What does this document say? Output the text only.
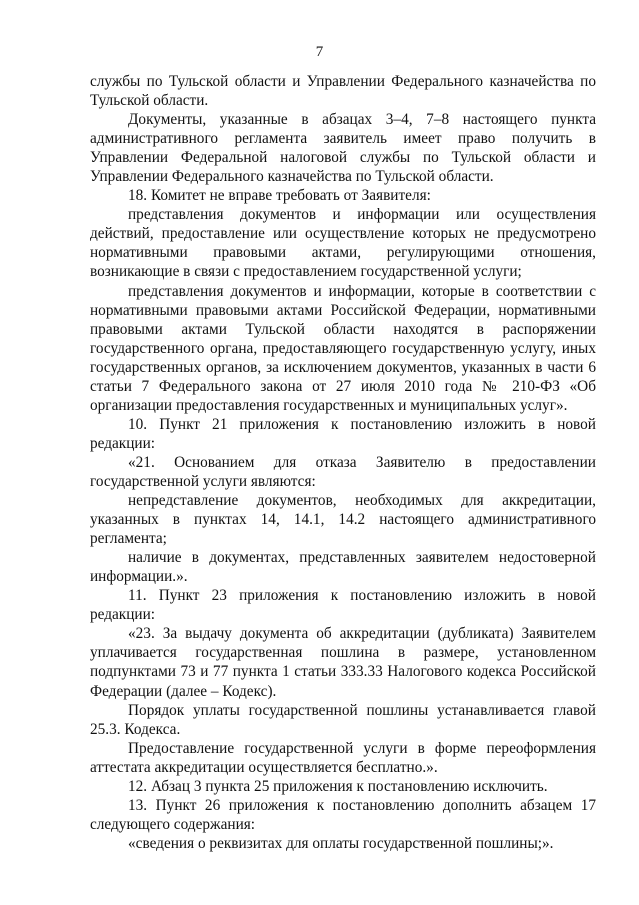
7

службы по Тульской области и Управлении Федерального казначейства по Тульской области.

Документы, указанные в абзацах 3–4, 7–8 настоящего пункта административного регламента заявитель имеет право получить в Управлении Федеральной налоговой службы по Тульской области и Управлении Федерального казначейства по Тульской области.

18. Комитет не вправе требовать от Заявителя:

представления документов и информации или осуществления действий, предоставление или осуществление которых не предусмотрено нормативными правовыми актами, регулирующими отношения, возникающие в связи с предоставлением государственной услуги;

представления документов и информации, которые в соответствии с нормативными правовыми актами Российской Федерации, нормативными правовыми актами Тульской области находятся в распоряжении государственного органа, предоставляющего государственную услугу, иных государственных органов, за исключением документов, указанных в части 6 статьи 7 Федерального закона от 27 июля 2010 года № 210-ФЗ «Об организации предоставления государственных и муниципальных услуг».

10. Пункт 21 приложения к постановлению изложить в новой редакции:

«21. Основанием для отказа Заявителю в предоставлении государственной услуги являются:

непредставление документов, необходимых для аккредитации, указанных в пунктах 14, 14.1, 14.2 настоящего административного регламента;

наличие в документах, представленных заявителем недостоверной информации.».

11. Пункт 23 приложения к постановлению изложить в новой редакции:

«23. За выдачу документа об аккредитации (дубликата) Заявителем уплачивается государственная пошлина в размере, установленном подпунктами 73 и 77 пункта 1 статьи 333.33 Налогового кодекса Российской Федерации (далее – Кодекс).

Порядок уплаты государственной пошлины устанавливается главой 25.3. Кодекса.

Предоставление государственной услуги в форме переоформления аттестата аккредитации осуществляется бесплатно.».

12. Абзац 3 пункта 25 приложения к постановлению исключить.

13. Пункт 26 приложения к постановлению дополнить абзацем 17 следующего содержания:

«сведения о реквизитах для оплаты государственной пошлины;».
